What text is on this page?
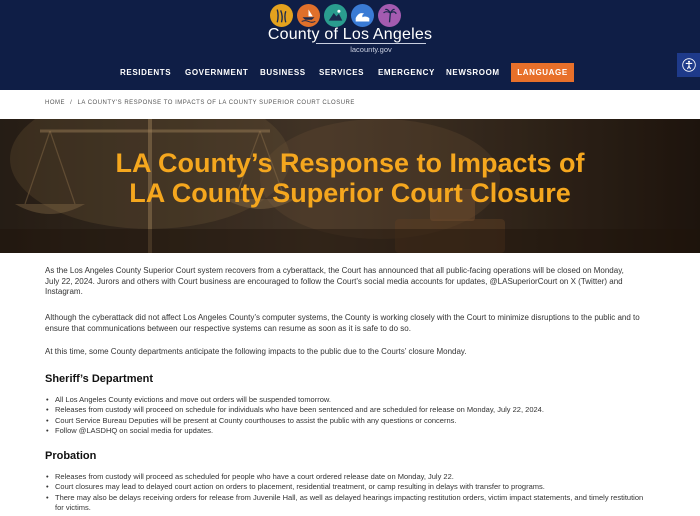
County of Los Angeles
lacounty.gov
RESIDENTS GOVERNMENT BUSINESS SERVICES EMERGENCY NEWSROOM	LANGUAGE
HOME / LA COUNTY'S RESPONSE TO IMPACTS OF LA COUNTY SUPERIOR COURT CLOSURE
LA County’s Response to Impacts of
LA County Superior Court Closure

As the Los Angeles County Superior Court system recovers from a cyberattack, the Court has announced that all public-facing operations will be closed on Monday, July 22, 2024. Jurors and others with Court business are encouraged to follow the Court’s social media accounts for updates, @LASuperiorCourt on X (Twitter) and Instagram.

Although the cyberattack did not affect Los Angeles County’s computer systems, the County is working closely with the Court to minimize disruptions to the public and to ensure that communications between our respective systems can resume as soon as it is safe to do so.

At this time, some County departments anticipate the following impacts to the public due to the Courts’ closure Monday.

Sheriff’s Department
• All Los Angeles County evictions and move out orders will be suspended tomorrow.
• Releases from custody will proceed on schedule for individuals who have been sentenced and are scheduled for release on Monday, July 22, 2024.
• Court Service Bureau Deputies will be present at County courthouses to assist the public with any questions or concerns.
• Follow @LASDHQ on social media for updates.
Probation
• Releases from custody will proceed as scheduled for people who have a court ordered release date on Monday, July 22.
• Court closures may lead to delayed court action on orders to placement, residential treatment, or camp resulting in delays with transfer to programs.
• There may also be delays receiving orders for release from Juvenile Hall, as well as delayed hearings impacting restitution orders, victim impact statements, and timely restitution for victims.
